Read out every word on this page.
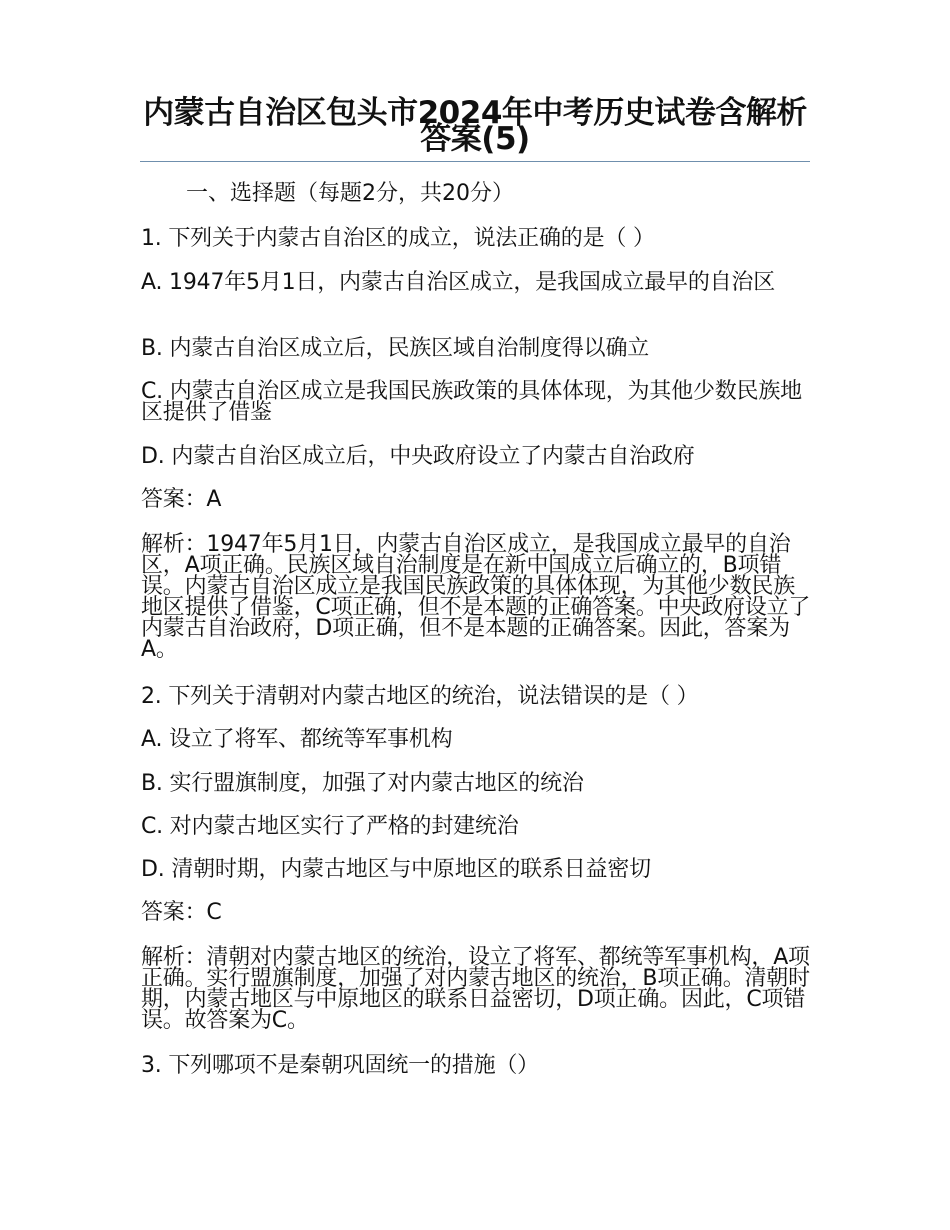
内蒙古自治区包头市2024年中考历史试卷含解析答案(5)
一、选择题（每题2分，共20分）
1. 下列关于内蒙古自治区的成立，说法正确的是（ ）
A. 1947年5月1日，内蒙古自治区成立，是我国成立最早的自治区
B. 内蒙古自治区成立后，民族区域自治制度得以确立
C. 内蒙古自治区成立是我国民族政策的具体体现，为其他少数民族地区提供了借鉴
D. 内蒙古自治区成立后，中央政府设立了内蒙古自治政府
答案：A
解析：1947年5月1日，内蒙古自治区成立，是我国成立最早的自治区，A项正确。民族区域自治制度是在新中国成立后确立的，B项错误。内蒙古自治区成立是我国民族政策的具体体现，为其他少数民族地区提供了借鉴，C项正确，但不是本题的正确答案。中央政府设立了内蒙古自治政府，D项正确，但不是本题的正确答案。因此，答案为A。
2. 下列关于清朝对内蒙古地区的统治，说法错误的是（ ）
A. 设立了将军、都统等军事机构
B. 实行盟旗制度，加强了对内蒙古地区的统治
C. 对内蒙古地区实行了严格的封建统治
D. 清朝时期，内蒙古地区与中原地区的联系日益密切
答案：C
解析：清朝对内蒙古地区的统治，设立了将军、都统等军事机构，A项正确。实行盟旗制度，加强了对内蒙古地区的统治，B项正确。清朝时期，内蒙古地区与中原地区的联系日益密切，D项正确。因此，C项错误。故答案为C。
3. 下列哪项不是秦朝巩固统一的措施（）
